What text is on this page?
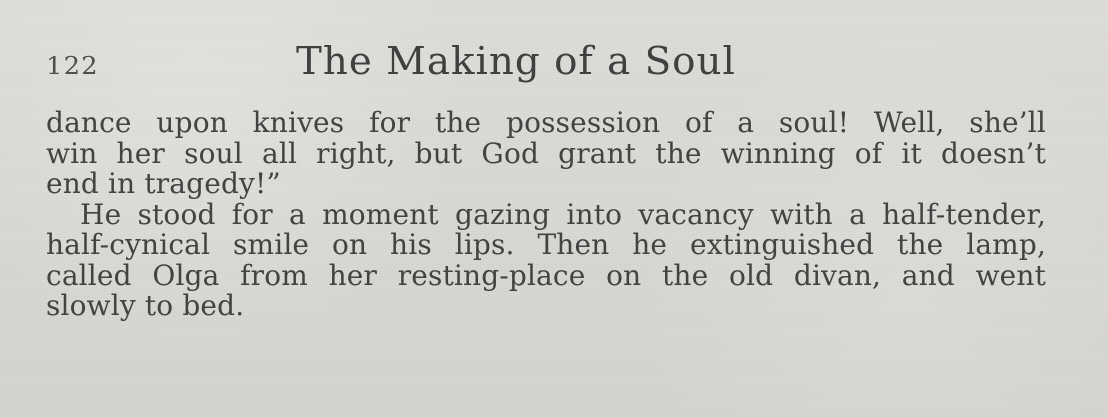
122	The Making of a Soul

dance upon knives for the possession of a soul! Well, she’ll
win her soul all right, but God grant the winning of it doesn’t
end in tragedy!”

He stood for a moment gazing into vacancy with a half-tender,
half-cynical smile on his lips. Then he extinguished the lamp,
called Olga from her resting-place on the old divan, and went
slowly to bed.
